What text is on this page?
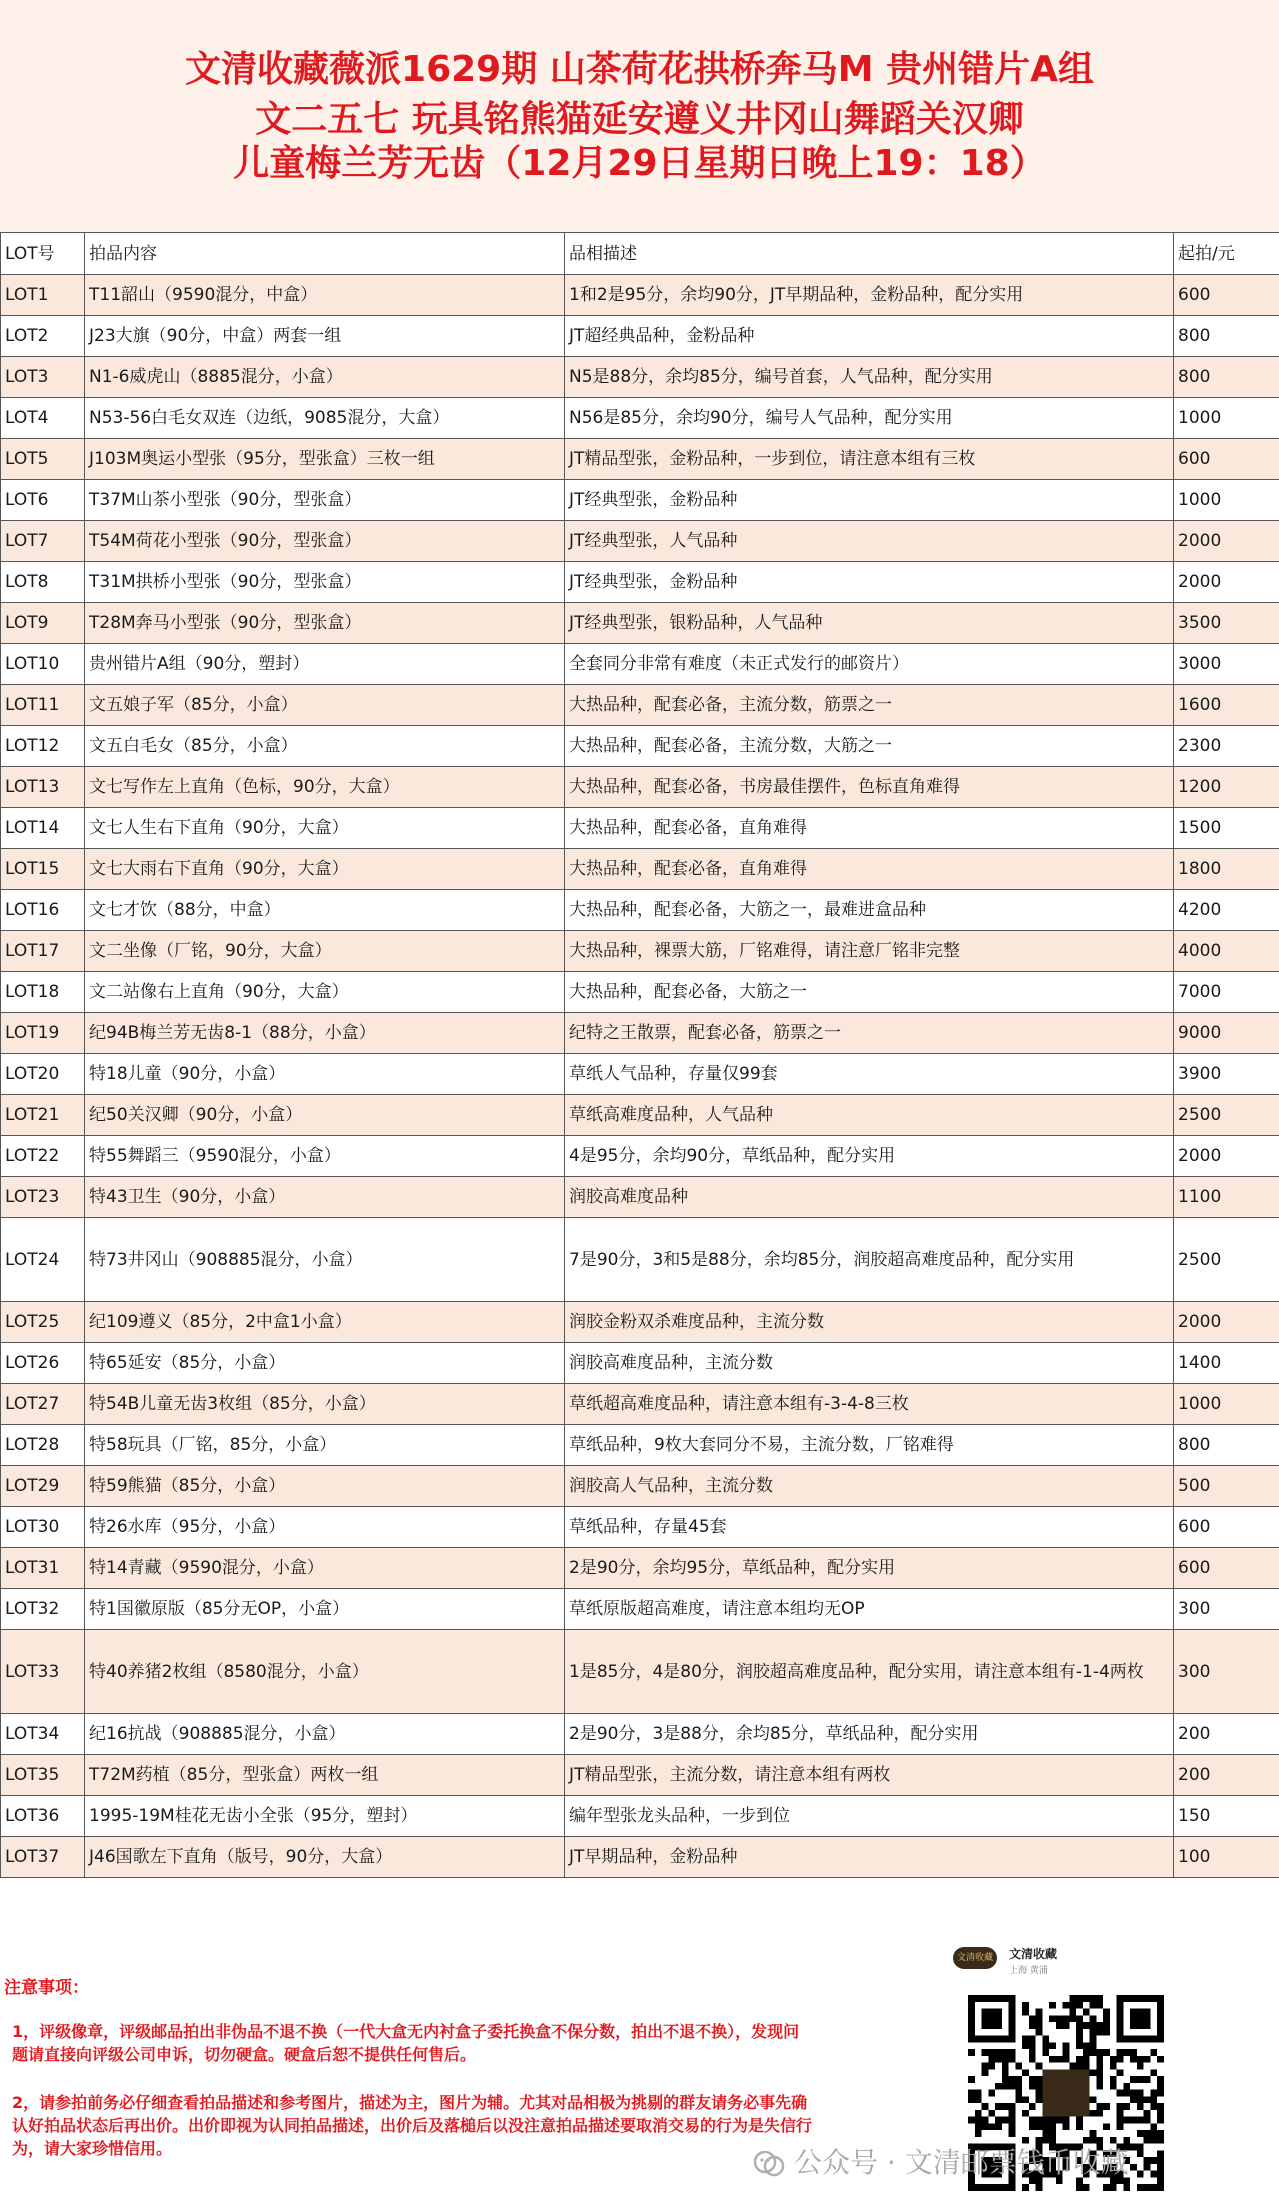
文清收藏薇派1629期 山茶荷花拱桥奔马M 贵州错片A组
文二五七 玩具铭熊猫延安遵义井冈山舞蹈关汉卿
儿童梅兰芳无齿（12月29日星期日晚上19：18）
LOT号	拍品内容	品相描述	起拍/元
LOT1	T11韶山（9590混分，中盒）	1和2是95分，余均90分，JT早期品种，金粉品种，配分实用	600
LOT2	J23大旗（90分，中盒）两套一组	JT超经典品种，金粉品种	800
LOT3	N1-6威虎山（8885混分，小盒）	N5是88分，余均85分，编号首套，人气品种，配分实用	800
LOT4	N53-56白毛女双连（边纸，9085混分，大盒）	N56是85分，余均90分，编号人气品种，配分实用	1000
LOT5	J103M奥运小型张（95分，型张盒）三枚一组	JT精品型张，金粉品种，一步到位，请注意本组有三枚	600
LOT6	T37M山茶小型张（90分，型张盒）	JT经典型张，金粉品种	1000
LOT7	T54M荷花小型张（90分，型张盒）	JT经典型张，人气品种	2000
LOT8	T31M拱桥小型张（90分，型张盒）	JT经典型张，金粉品种	2000
LOT9	T28M奔马小型张（90分，型张盒）	JT经典型张，银粉品种，人气品种	3500
LOT10	贵州错片A组（90分，塑封）	全套同分非常有难度（未正式发行的邮资片）	3000
LOT11	文五娘子军（85分，小盒）	大热品种，配套必备，主流分数，筋票之一	1600
LOT12	文五白毛女（85分，小盒）	大热品种，配套必备，主流分数，大筋之一	2300
LOT13	文七写作左上直角（色标，90分，大盒）	大热品种，配套必备，书房最佳摆件，色标直角难得	1200
LOT14	文七人生右下直角（90分，大盒）	大热品种，配套必备，直角难得	1500
LOT15	文七大雨右下直角（90分，大盒）	大热品种，配套必备，直角难得	1800
LOT16	文七才饮（88分，中盒）	大热品种，配套必备，大筋之一，最难进盒品种	4200
LOT17	文二坐像（厂铭，90分，大盒）	大热品种，裸票大筋，厂铭难得，请注意厂铭非完整	4000
LOT18	文二站像右上直角（90分，大盒）	大热品种，配套必备，大筋之一	7000
LOT19	纪94B梅兰芳无齿8-1（88分，小盒）	纪特之王散票，配套必备，筋票之一	9000
LOT20	特18儿童（90分，小盒）	草纸人气品种，存量仅99套	3900
LOT21	纪50关汉卿（90分，小盒）	草纸高难度品种，人气品种	2500
LOT22	特55舞蹈三（9590混分，小盒）	4是95分，余均90分，草纸品种，配分实用	2000
LOT23	特43卫生（90分，小盒）	润胶高难度品种	1100
LOT24	特73井冈山（908885混分，小盒）	7是90分，3和5是88分，余均85分，润胶超高难度品种，配分实用	2500
LOT25	纪109遵义（85分，2中盒1小盒）	润胶金粉双杀难度品种，主流分数	2000
LOT26	特65延安（85分，小盒）	润胶高难度品种，主流分数	1400
LOT27	特54B儿童无齿3枚组（85分，小盒）	草纸超高难度品种，请注意本组有-3-4-8三枚	1000
LOT28	特58玩具（厂铭，85分，小盒）	草纸品种，9枚大套同分不易，主流分数，厂铭难得	800
LOT29	特59熊猫（85分，小盒）	润胶高人气品种，主流分数	500
LOT30	特26水库（95分，小盒）	草纸品种，存量45套	600
LOT31	特14青藏（9590混分，小盒）	2是90分，余均95分，草纸品种，配分实用	600
LOT32	特1国徽原版（85分无OP，小盒）	草纸原版超高难度，请注意本组均无OP	300
LOT33	特40养猪2枚组（8580混分，小盒）	1是85分，4是80分，润胶超高难度品种，配分实用，请注意本组有-1-4两枚	300
LOT34	纪16抗战（908885混分，小盒）	2是90分，3是88分，余均85分，草纸品种，配分实用	200
LOT35	T72M药植（85分，型张盒）两枚一组	JT精品型张，主流分数，请注意本组有两枚	200
LOT36	1995-19M桂花无齿小全张（95分，塑封）	编年型张龙头品种，一步到位	150
LOT37	J46国歌左下直角（版号，90分，大盒）	JT早期品种，金粉品种	100
注意事项：
1，评级像章，评级邮品拍出非伪品不退不换（一代大盒无内衬盒子委托换盒不保分数，拍出不退不换），发现问题请直接向评级公司申诉，切勿硬盒。硬盒后恕不提供任何售后。
2，请参拍前务必仔细查看拍品描述和参考图片，描述为主，图片为辅。尤其对品相极为挑剔的群友请务必事先确认好拍品状态后再出价。出价即视为认同拍品描述，出价后及落槌后以没注意拍品描述要取消交易的行为是失信行为，请大家珍惜信用。
文清收藏	文清收藏
上海 黄浦
公众号 · 文清邮票钱币收藏
